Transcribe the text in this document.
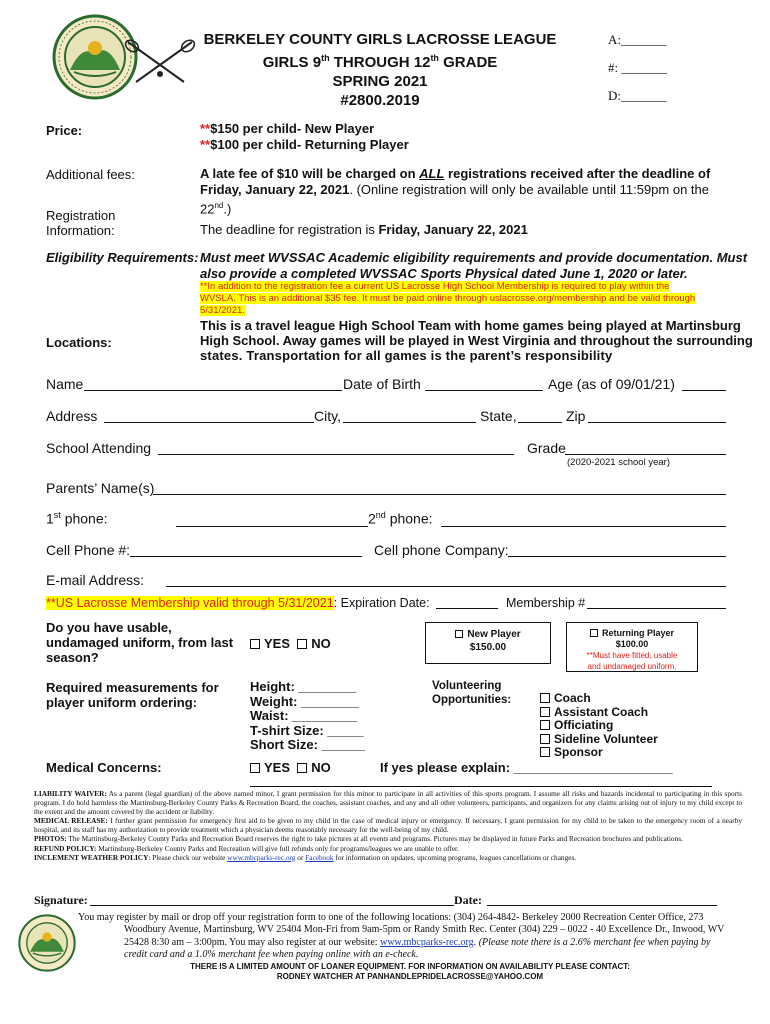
BERKELEY COUNTY GIRLS LACROSSE LEAGUE
GIRLS 9th THROUGH 12th GRADE
SPRING 2021
#2800.2019
A:_______
#: _______
D:_______
Price:	**$150 per child- New Player
**$100 per child- Returning Player
Additional fees:	A late fee of $10 will be charged on ALL registrations received after the deadline of
Friday, January 22, 2021. (Online registration will only be available until 11:59pm on the 22nd.)
Registration
Information:	The deadline for registration is Friday, January 22, 2021
Eligibility Requirements: Must meet WVSSAC Academic eligibility requirements and provide documentation. Must
also provide a completed WVSSAC Sports Physical dated June 1, 2020 or later.
**In addition to the registration fee a current US Lacrosse High School Membership is required to play within the
WVSLA. This is an additional $35 fee. It must be paid online through uslacrosse.org/membership and be valid through
5/31/2021.
Locations:
This is a travel league High School Team with home games being played at Martinsburg
High School. Away games will be played in West Virginia and throughout the surrounding
states. Transportation for all games is the parent’s responsibility
Name	Date of Birth	Age (as of 09/01/21)
Address	City,	State,	Zip
School Attending	Grade
(2020-2021 school year)
Parents’ Name(s)
1st phone:	2nd phone:
Cell Phone #:	Cell phone Company:
E-mail Address:
**US Lacrosse Membership valid through 5/31/2021: Expiration Date:	Membership #
Do you have usable,
undamaged uniform, from last
season?
YES NO
New Player
$150.00
Returning Player
$100.00
**Must have fitted, usable
and undamaged uniform.
Required measurements for
player uniform ordering:
Height: ________
Weight: ________
Waist: _________
T-shirt Size: _____
Short Size: ______
Volunteering
Opportunities:	Coach
Assistant Coach
Officiating
Sideline Volunteer
Sponsor
Medical Concerns:	YES NO	If yes please explain: ______________________
LIABILITY WAIVER: As a parent (legal guardian) of the above named minor, I grant permission for this minor to participate in all activities of this sports program. I assume all risks and hazards incidental to participating in this sports program. I do hold harmless the Martinsburg-Berkeley County Parks & Recreation Board, the coaches, assistant coaches, and any and all other volunteers, participants, and organizers for any claims arising out of injury to my child except to the extent and the amount covered by the accident or liability.
MEDICAL RELEASE: I further grant permission for emergency first aid to be given to my child in the case of medical injury or emergency. If necessary, I grant permission for my child to be taken to the emergency room of a nearby hospital, and its staff has my authorization to provide treatment which a physician deems reasonably necessary for the well-being of my child.
PHOTOS: The Martinsburg-Berkeley County Parks and Recreation Board reserves the right to take pictures at all events and programs. Pictures may be displayed in future Parks and Recreation brochures and publications.
REFUND POLICY: Martinsburg-Berkeley County Parks and Recreation will give full refunds only for programs/leagues we are unable to offer.
INCLEMENT WEATHER POLICY: Please check our website www.mbcparks-rec.org or Facebook for information on updates, upcoming programs, leagues cancellations or changes.
Signature:	Date:
You may register by mail or drop off your registration form to one of the following locations: (304) 264-4842- Berkeley 2000 Recreation Center Office, 273 Woodbury Avenue, Martinsburg, WV 25404 Mon-Fri from 9am-5pm or Randy Smith Rec. Center (304) 229 – 0022 - 40 Excellence Dr., Inwood, WV 25428 8:30 am – 3:00pm. You may also register at our website: www.mbcparks-rec.org. (Please note there is a 2.6% merchant fee when paying by credit card and a 1.0% merchant fee when paying online with an e-check.
THERE IS A LIMITED AMOUNT OF LOANER EQUIPMENT. FOR INFORMATION ON AVAILABILITY PLEASE CONTACT:
RODNEY WATCHER AT PANHANDLEPRIDELACROSSE@YAHOO.COM
